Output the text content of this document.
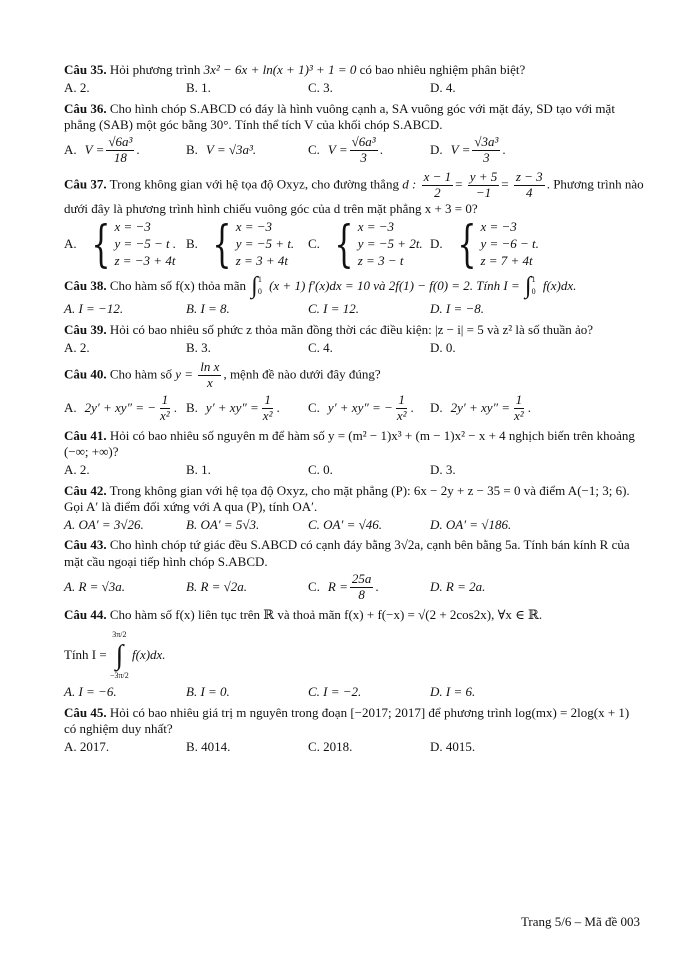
Câu 35. Hỏi phương trình 3x² − 6x + ln(x + 1)³ + 1 = 0 có bao nhiêu nghiệm phân biệt?

A. 2.	B. 1.	C. 3.	D. 4.

Câu 36. Cho hình chóp S.ABCD có đáy là hình vuông cạnh a, SA vuông góc với mặt đáy, SD tạo với mặt phẳng (SAB) một góc bằng 30°. Tính thể tích V của khối chóp S.ABCD.

A. $V = \frac{\text{√6a³}}{18}$ .	B. V = √3a³.	C. $V = \frac{\text{√6a³}}{3}$ .	D. $V = \frac{\text{√3a³}}{3}$ .

Câu 37. Trong không gian với hệ tọa độ Oxyz, cho đường thẳng d : $\frac{x - 1}{2} = \frac{y + 5}{-1} = \frac{z - 3}{4}$ . Phương trình nào dưới đây là phương trình hình chiếu vuông góc của d trên mặt phẳng x + 3 = 0?

A. { x = −3
y = −5 − t .
z = −3 + 4t
B. { x = −3
y = −5 + t.
z = 3 + 4t
C. { x = −3
y = −5 + 2t.
z = 3 − t
D. { x = −3
y = −6 − t.
z = 7 + 4t

Câu 38. Cho hàm số f(x) thỏa mãn ∫ 1
0 (x + 1) f′(x)dx = 10 và 2f(1) − f(0) = 2. Tính I = ∫ 1
0 f(x)dx.

A. I = −12.	B. I = 8.	C. I = 12.	D. I = −8.

Câu 39. Hỏi có bao nhiêu số phức z thỏa mãn đồng thời các điều kiện: |z − i| = 5 và z² là số thuần ảo?

A. 2.	B. 3.	C. 4.	D. 0.

Câu 40. Cho hàm số $y = \frac{\text{ln x}}{x}$ , mệnh đề nào dưới đây đúng?

A. 2y′ + xy″ = − $\frac{1}{\text{x²}}$ . B. $y' + xy'' = \frac{1}{\text{x²}}$ .	C. y′ + xy″ = − $\frac{1}{\text{x²}}$ .	D. $2y' + xy'' = \frac{1}{\text{x²}}$ .

Câu 41. Hỏi có bao nhiêu số nguyên m để hàm số y = (m² − 1)x³ + (m − 1)x² − x + 4 nghịch biến trên khoảng (−∞; +∞)?

A. 2.	B. 1.	C. 0.	D. 3.

Câu 42. Trong không gian với hệ tọa độ Oxyz, cho mặt phẳng (P): 6x − 2y + z − 35 = 0 và điểm A(−1; 3; 6). Gọi A′ là điểm đối xứng với A qua (P), tính OA′.

A. OA′ = 3√26.	B. OA′ = 5√3.	C. OA′ = √46.	D. OA′ = √186.

Câu 43. Cho hình chóp tứ giác đều S.ABCD có cạnh đáy bằng 3√2a, cạnh bên bằng 5a. Tính bán kính R của mặt cầu ngoại tiếp hình chóp S.ABCD.

A. R = √3a.	B. R = √2a.	C. $R = \frac{25a}{8}$ .	D. R = 2a.

Câu 44. Cho hàm số f(x) liên tục trên ℝ và thoả mãn f(x) + f(−x) = √(2 + 2cos2x), ∀x ∈ ℝ.

Tính I =
3π/2
∫
−3π/2
f(x)dx.

A. I = −6.	B. I = 0.	C. I = −2.	D. I = 6.

Câu 45. Hỏi có bao nhiêu giá trị m nguyên trong đoạn [−2017; 2017] để phương trình log(mx) = 2log(x + 1) có nghiệm duy nhất?

A. 2017.	B. 4014.	C. 2018.	D. 4015.
Trang 5/6 – Mã đề 003
